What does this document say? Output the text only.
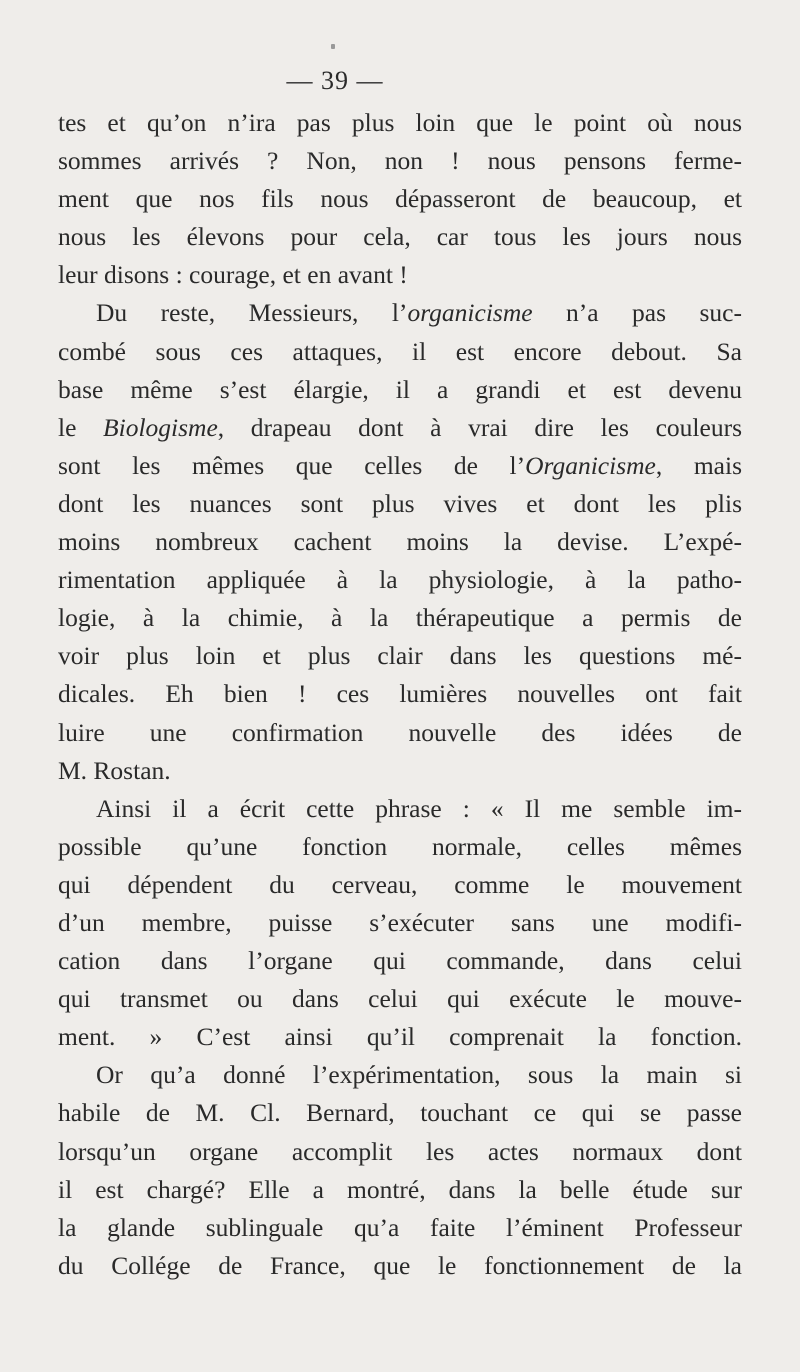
— 39 —
tes et qu’on n’ira pas plus loin que le point où nous
sommes arrivés ? Non, non ! nous pensons ferme-
ment que nos fils nous dépasseront de beaucoup, et
nous les élevons pour cela, car tous les jours nous
leur disons : courage, et en avant !
Du reste, Messieurs, l’organicisme n’a pas suc-
combé sous ces attaques, il est encore debout. Sa
base même s’est élargie, il a grandi et est devenu
le Biologisme, drapeau dont à vrai dire les couleurs
sont les mêmes que celles de l’Organicisme, mais
dont les nuances sont plus vives et dont les plis
moins nombreux cachent moins la devise. L’expé-
rimentation appliquée à la physiologie, à la patho-
logie, à la chimie, à la thérapeutique a permis de
voir plus loin et plus clair dans les questions mé-
dicales. Eh bien ! ces lumières nouvelles ont fait
luire une confirmation nouvelle des idées de
M. Rostan.
Ainsi il a écrit cette phrase : « Il me semble im-
possible qu’une fonction normale, celles mêmes
qui dépendent du cerveau, comme le mouvement
d’un membre, puisse s’exécuter sans une modifi-
cation dans l’organe qui commande, dans celui
qui transmet ou dans celui qui exécute le mouve-
ment. » C’est ainsi qu’il comprenait la fonction.
Or qu’a donné l’expérimentation, sous la main si
habile de M. Cl. Bernard, touchant ce qui se passe
lorsqu’un organe accomplit les actes normaux dont
il est chargé? Elle a montré, dans la belle étude sur
la glande sublinguale qu’a faite l’éminent Professeur
du Collége de France, que le fonctionnement de la
